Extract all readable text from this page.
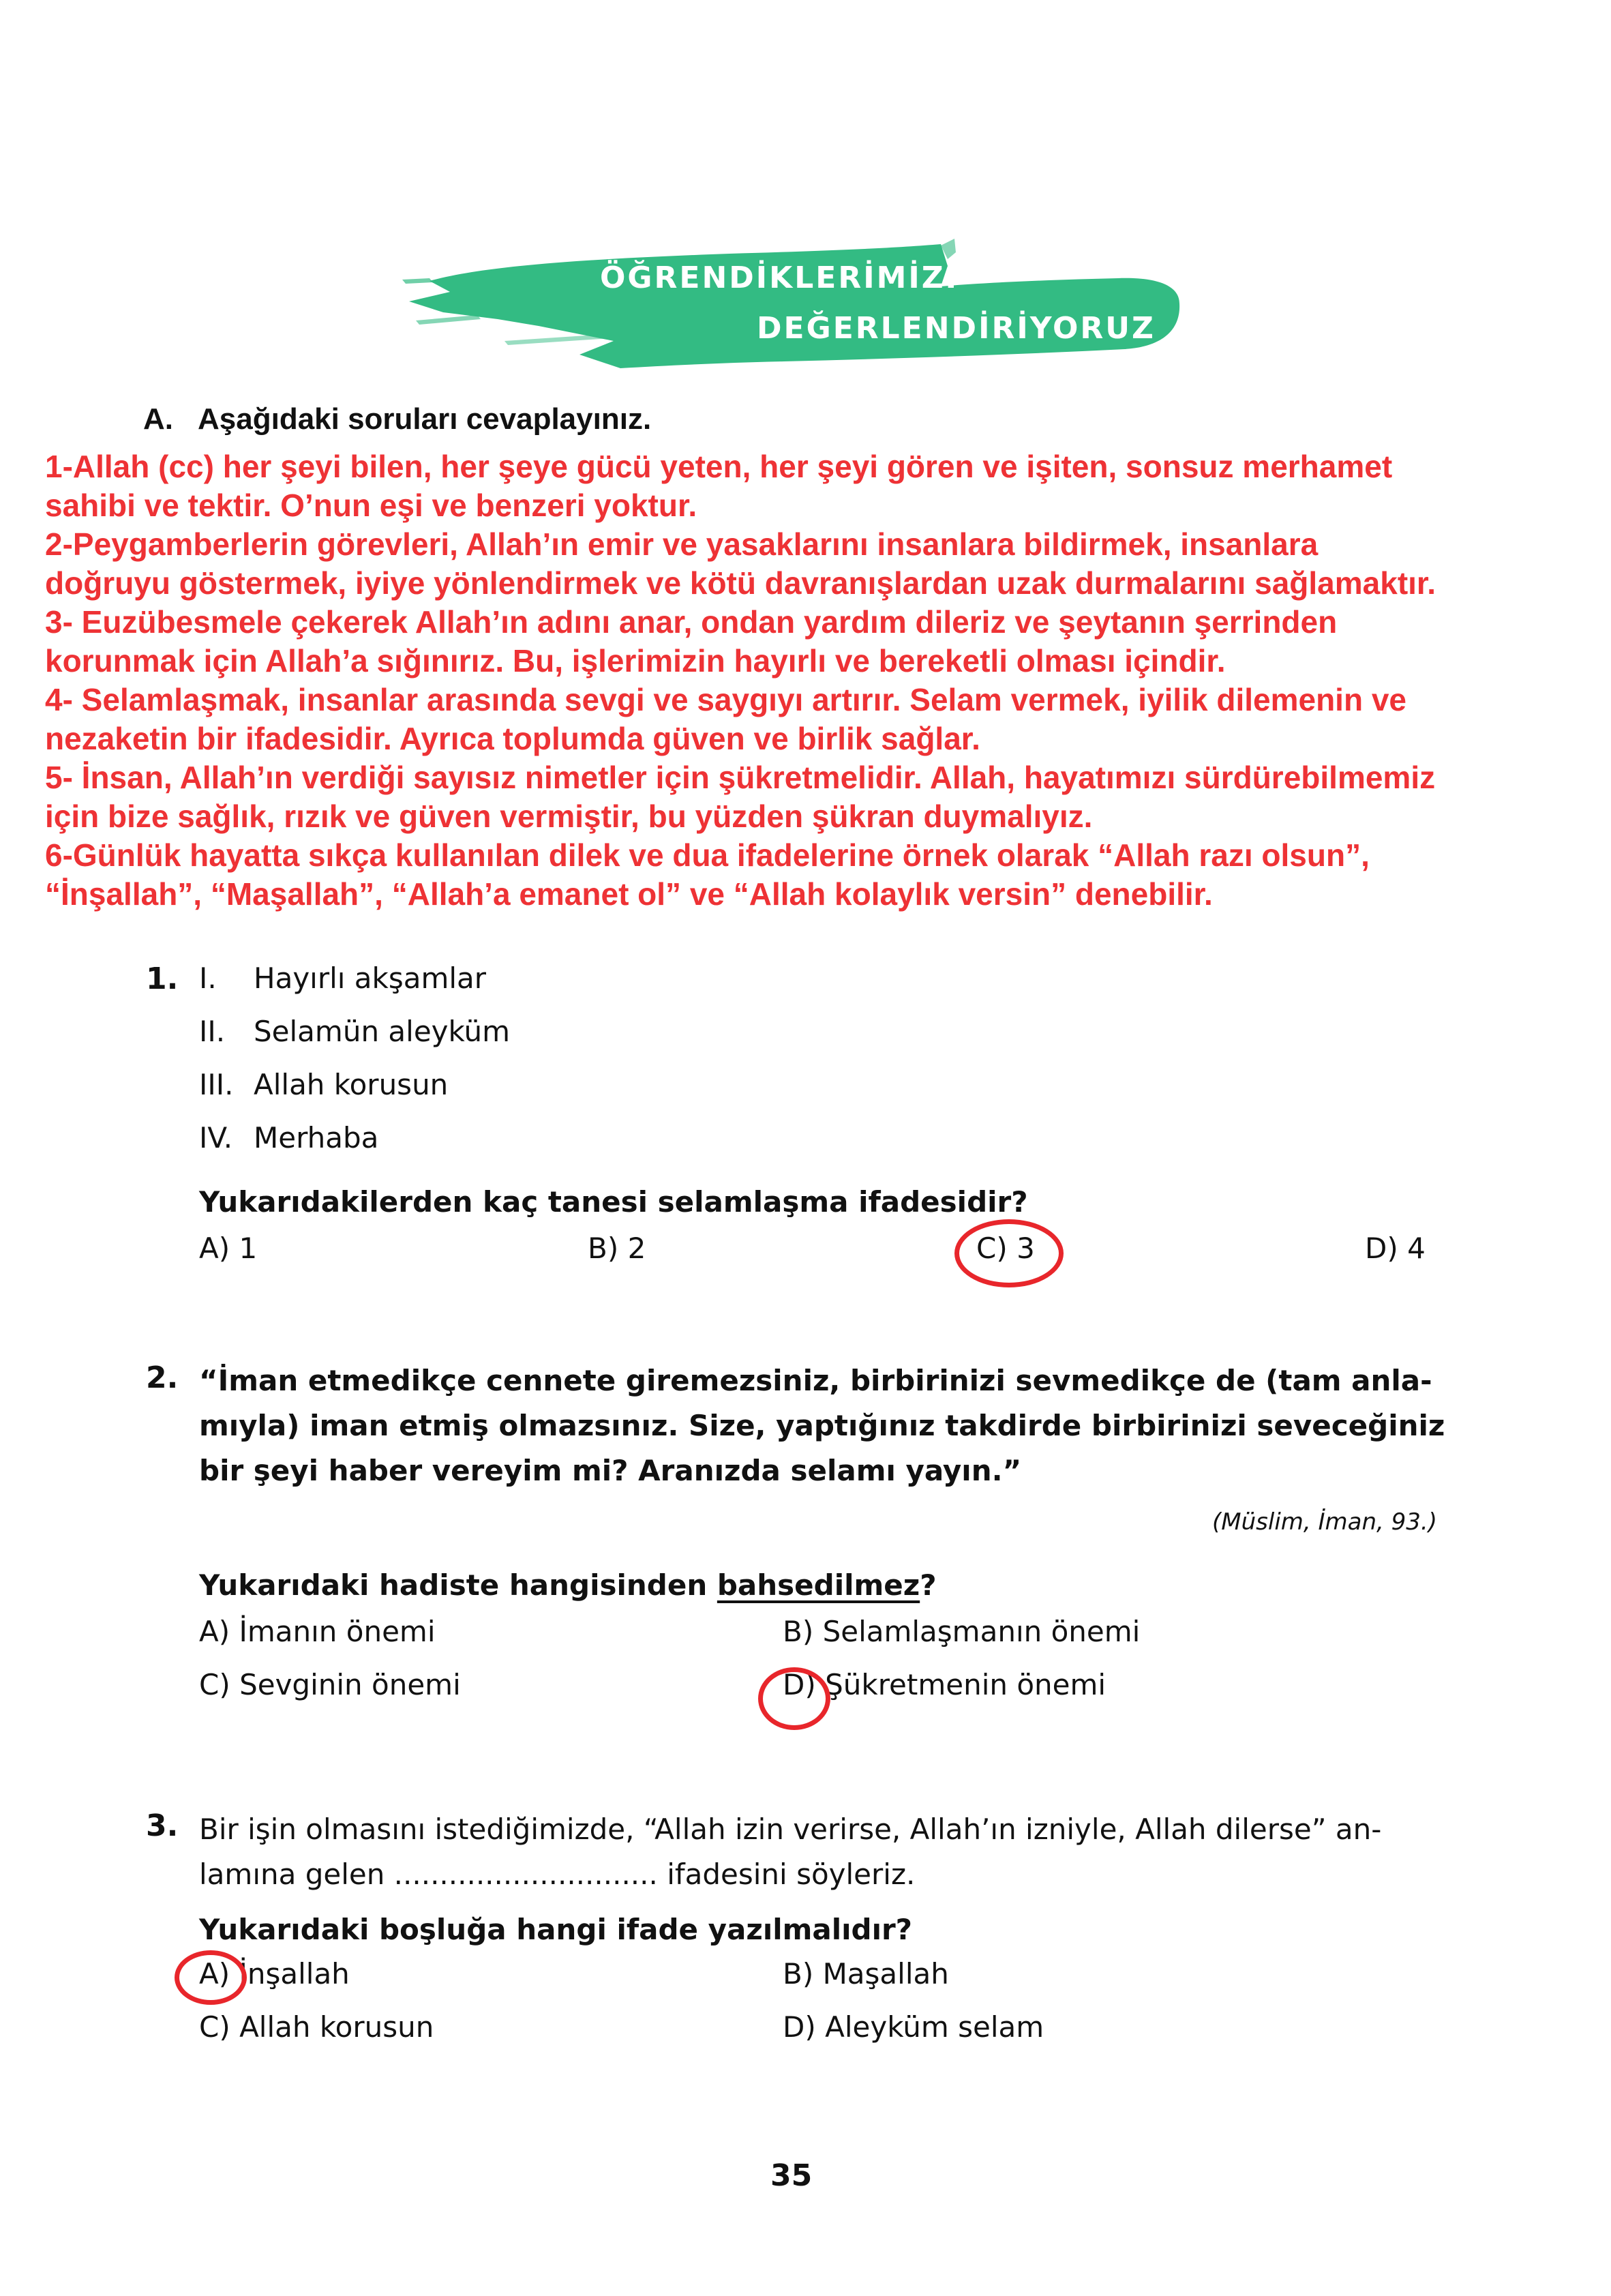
ÖĞRENDİKLERİMİZİ
DEĞERLENDİRİYORUZ
A. Aşağıdaki soruları cevaplayınız.
1-Allah (cc) her şeyi bilen, her şeye gücü yeten, her şeyi gören ve işiten, sonsuz merhamet
sahibi ve tektir. O’nun eşi ve benzeri yoktur.
2-Peygamberlerin görevleri, Allah’ın emir ve yasaklarını insanlara bildirmek, insanlara
doğruyu göstermek, iyiye yönlendirmek ve kötü davranışlardan uzak durmalarını sağlamaktır.
3- Euzübesmele çekerek Allah’ın adını anar, ondan yardım dileriz ve şeytanın şerrinden
korunmak için Allah’a sığınırız. Bu, işlerimizin hayırlı ve bereketli olması içindir.
4- Selamlaşmak, insanlar arasında sevgi ve saygıyı artırır. Selam vermek, iyilik dilemenin ve
nezaketin bir ifadesidir. Ayrıca toplumda güven ve birlik sağlar.
5- İnsan, Allah’ın verdiği sayısız nimetler için şükretmelidir. Allah, hayatımızı sürdürebilmemiz
için bize sağlık, rızık ve güven vermiştir, bu yüzden şükran duymalıyız.
6-Günlük hayatta sıkça kullanılan dilek ve dua ifadelerine örnek olarak “Allah razı olsun”,
“İnşallah”, “Maşallah”, “Allah’a emanet ol” ve “Allah kolaylık versin” denebilir.
1. I. Hayırlı akşamlar
II. Selamün aleyküm
III. Allah korusun
IV. Merhaba
Yukarıdakilerden kaç tanesi selamlaşma ifadesidir?
A) 1	B) 2	C) 3	D) 4
2. “İman etmedikçe cennete giremezsiniz, birbirinizi sevmedikçe de (tam anla-
mıyla) iman etmiş olmazsınız. Size, yaptığınız takdirde birbirinizi seveceğiniz
bir şeyi haber vereyim mi? Aranızda selamı yayın.”
(Müslim, İman, 93.)
Yukarıdaki hadiste hangisinden bahsedilmez?
A) İmanın önemi	B) Selamlaşmanın önemi
C) Sevginin önemi	D) Şükretmenin önemi
3. Bir işin olmasını istediğimizde, “Allah izin verirse, Allah’ın izniyle, Allah dilerse” an-
lamına gelen ............................. ifadesini söyleriz.
Yukarıdaki boşluğa hangi ifade yazılmalıdır?
A) İnşallah	B) Maşallah
C) Allah korusun	D) Aleyküm selam
35
